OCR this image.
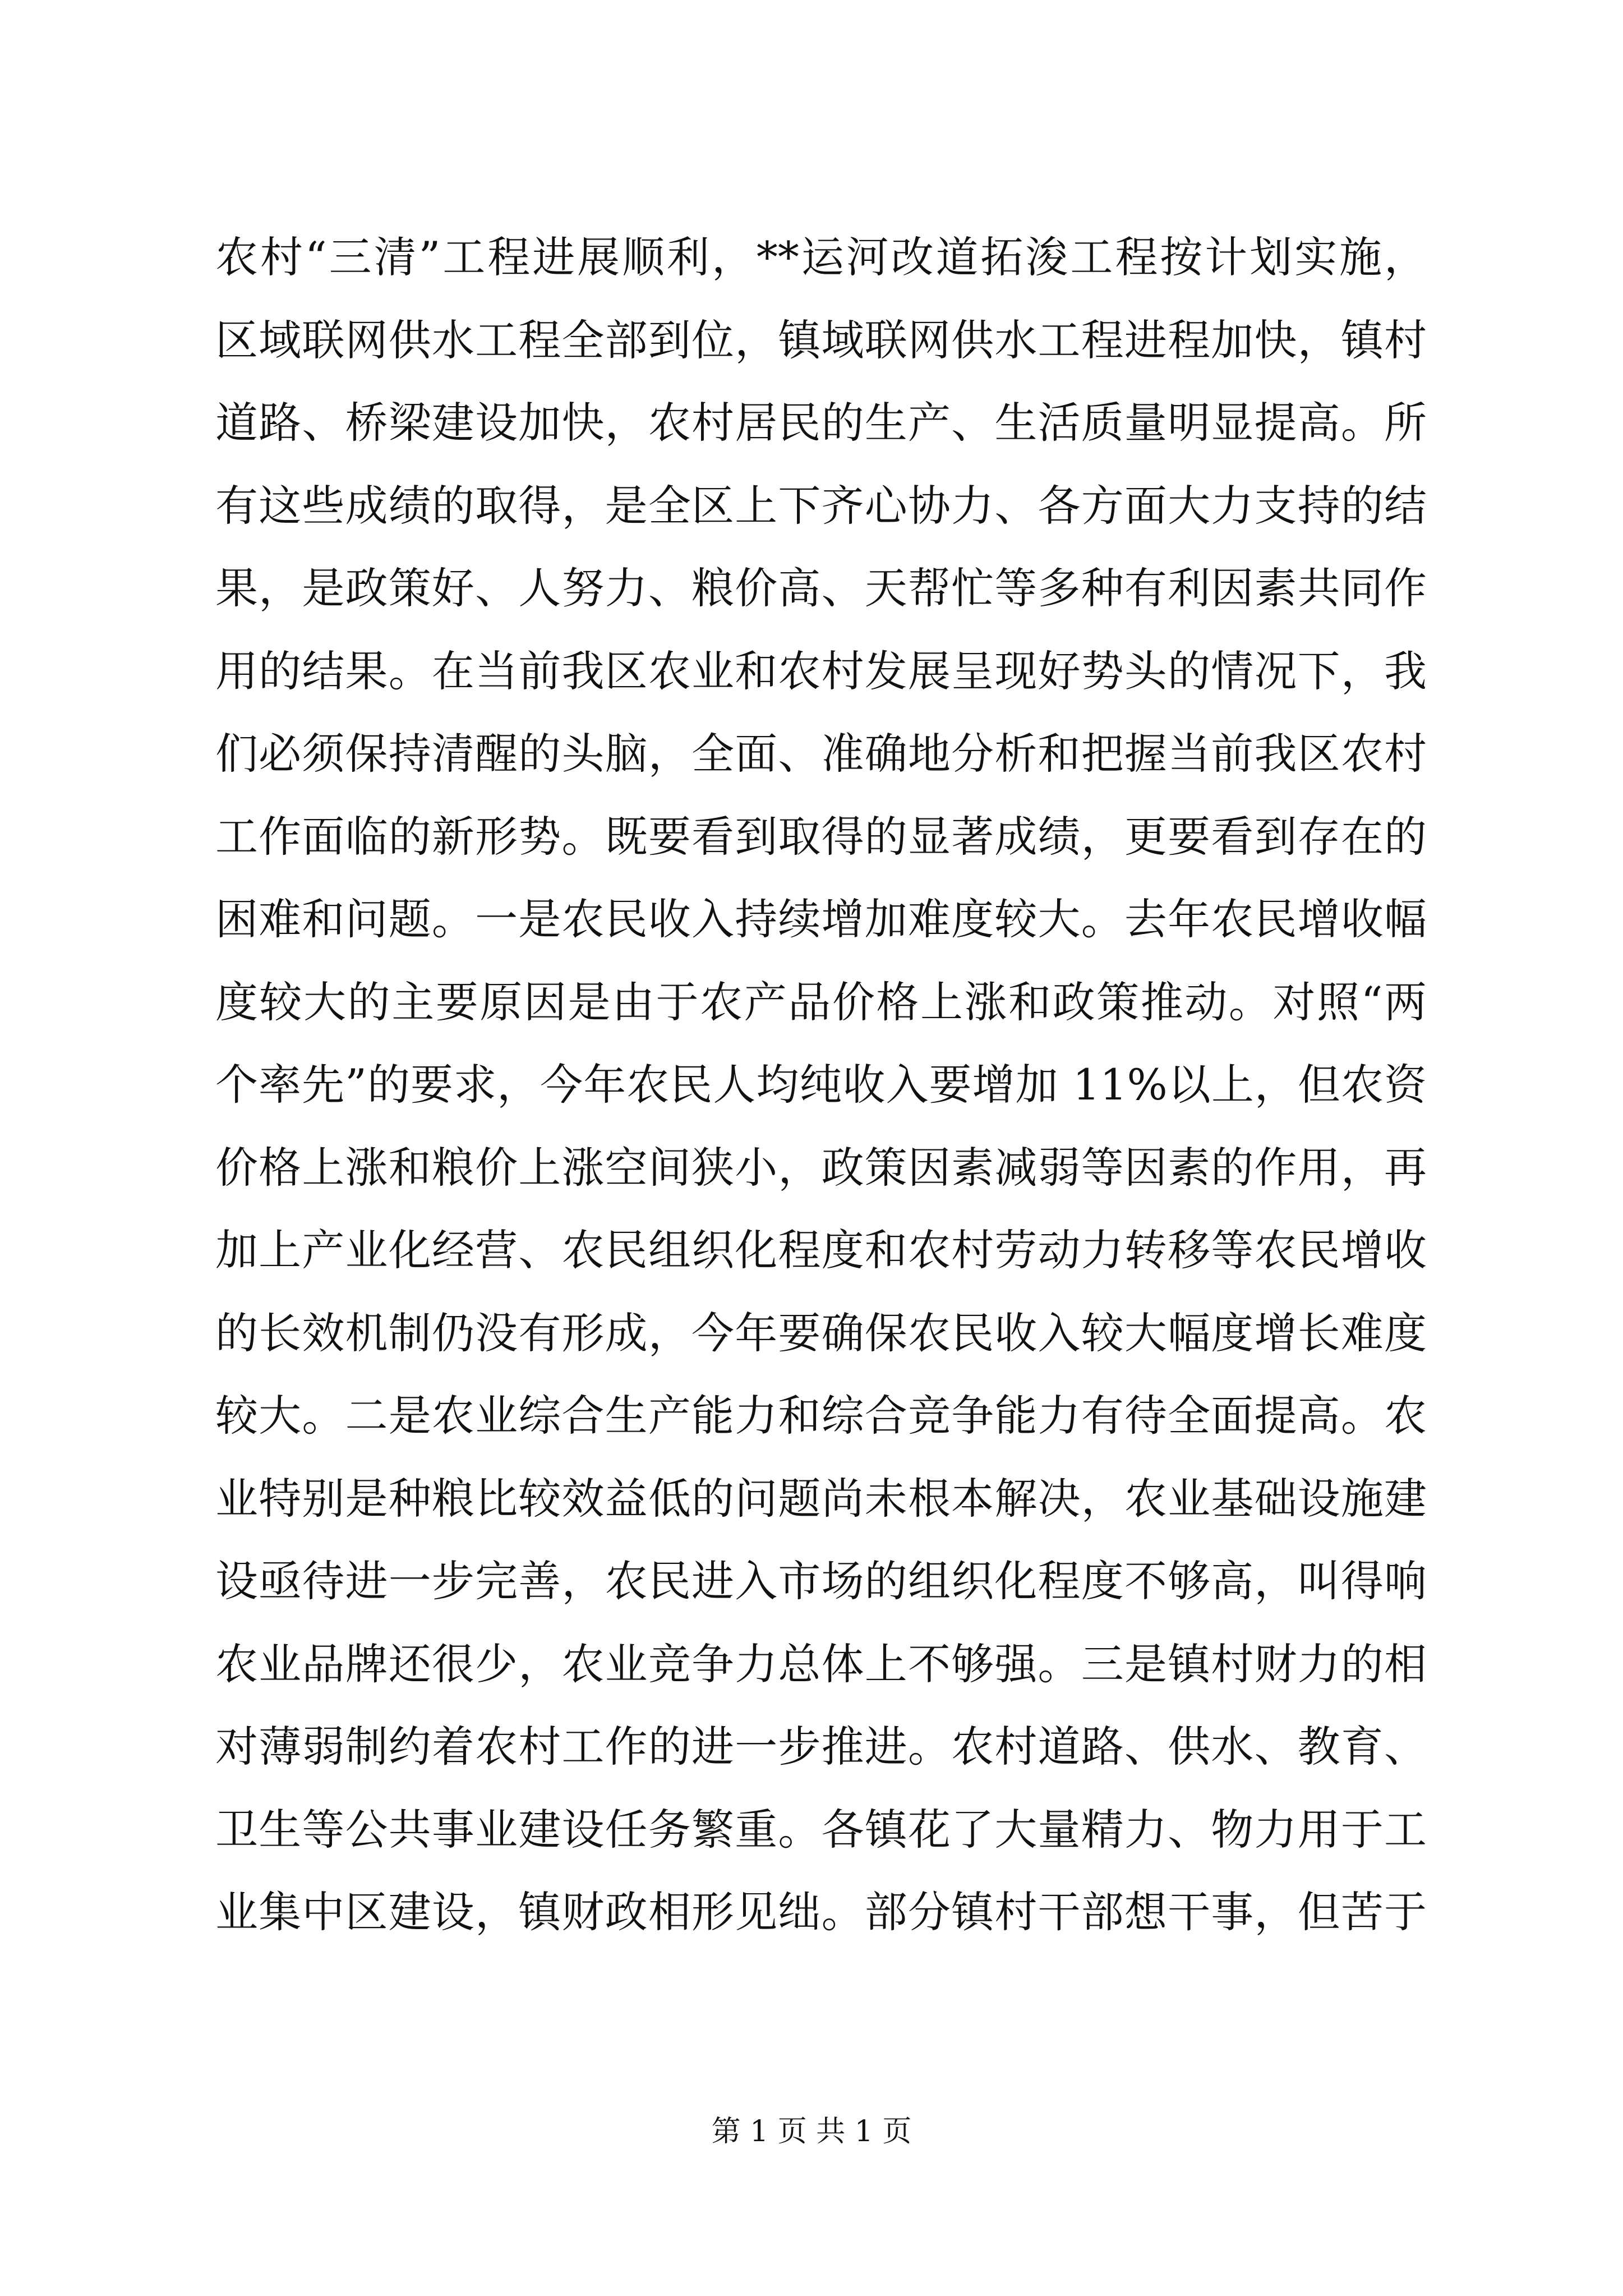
农村“三清”工程进展顺利，**运河改道拓浚工程按计划实施，
区域联网供水工程全部到位，镇域联网供水工程进程加快，镇村
道路、桥梁建设加快，农村居民的生产、生活质量明显提高。所
有这些成绩的取得，是全区上下齐心协力、各方面大力支持的结
果，是政策好、人努力、粮价高、天帮忙等多种有利因素共同作
用的结果。在当前我区农业和农村发展呈现好势头的情况下，我
们必须保持清醒的头脑，全面、准确地分析和把握当前我区农村
工作面临的新形势。既要看到取得的显著成绩，更要看到存在的
困难和问题。一是农民收入持续增加难度较大。去年农民增收幅
度较大的主要原因是由于农产品价格上涨和政策推动。对照“两
个率先”的要求，今年农民人均纯收入要增加 11%以上，但农资
价格上涨和粮价上涨空间狭小，政策因素减弱等因素的作用，再
加上产业化经营、农民组织化程度和农村劳动力转移等农民增收
的长效机制仍没有形成，今年要确保农民收入较大幅度增长难度
较大。二是农业综合生产能力和综合竞争能力有待全面提高。农
业特别是种粮比较效益低的问题尚未根本解决，农业基础设施建
设亟待进一步完善，农民进入市场的组织化程度不够高，叫得响
农业品牌还很少，农业竞争力总体上不够强。三是镇村财力的相
对薄弱制约着农村工作的进一步推进。农村道路、供水、教育、
卫生等公共事业建设任务繁重。各镇花了大量精力、物力用于工
业集中区建设，镇财政相形见绌。部分镇村干部想干事，但苦于
第 1 页 共 1 页
